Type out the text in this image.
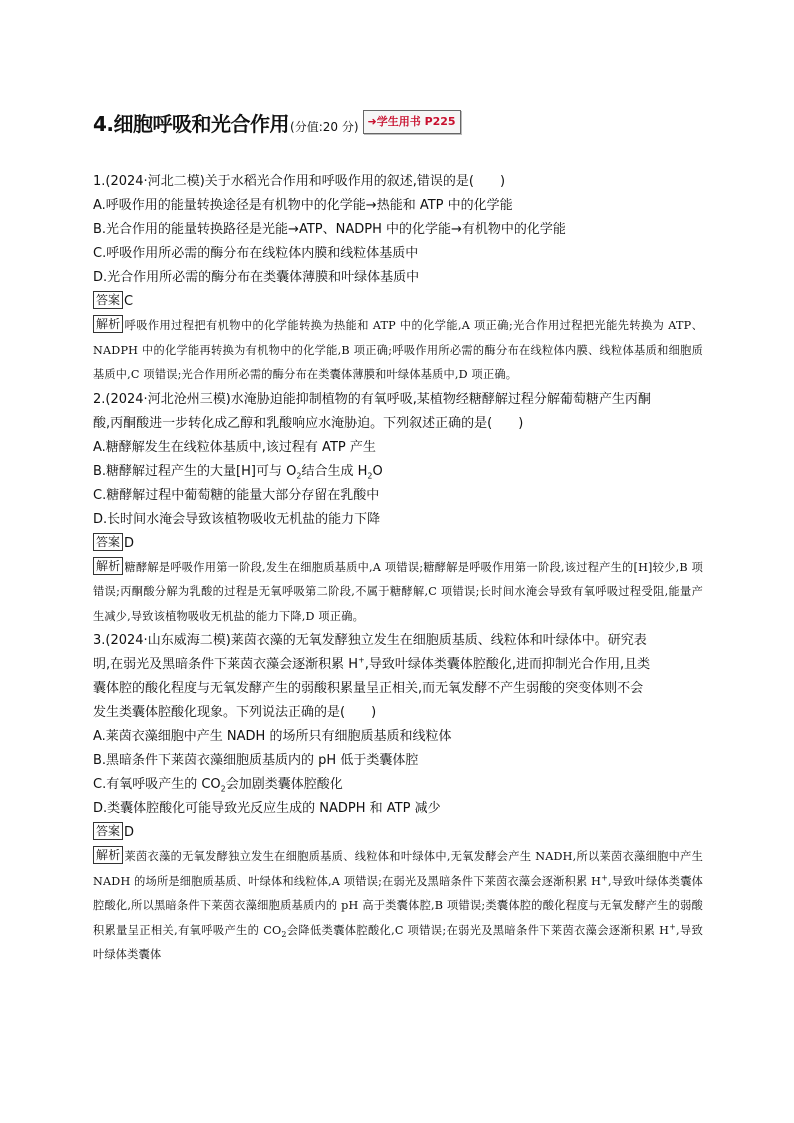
4.细胞呼吸和光合作用 (分值:20 分) ➜学生用书 P225
1.(2024·河北二模)关于水稻光合作用和呼吸作用的叙述,错误的是(　　)
A.呼吸作用的能量转换途径是有机物中的化学能→热能和 ATP 中的化学能
B.光合作用的能量转换路径是光能→ATP、NADPH 中的化学能→有机物中的化学能
C.呼吸作用所必需的酶分布在线粒体内膜和线粒体基质中
D.光合作用所必需的酶分布在类囊体薄膜和叶绿体基质中
答案 C
解析 呼吸作用过程把有机物中的化学能转换为热能和 ATP 中的化学能,A 项正确;光合作用过程把光能先转换为 ATP、NADPH 中的化学能再转换为有机物中的化学能,B 项正确;呼吸作用所必需的酶分布在线粒体内膜、线粒体基质和细胞质基质中,C 项错误;光合作用所必需的酶分布在类囊体薄膜和叶绿体基质中,D 项正确。
2.(2024·河北沧州三模)水淹胁迫能抑制植物的有氧呼吸,某植物经糖酵解过程分解葡萄糖产生丙酮
酸,丙酮酸进一步转化成乙醇和乳酸响应水淹胁迫。下列叙述正确的是(　　)
A.糖酵解发生在线粒体基质中,该过程有 ATP 产生
B.糖酵解过程产生的大量[H]可与 $O_2$结合生成 $H_2O$
C.糖酵解过程中葡萄糖的能量大部分存留在乳酸中
D.长时间水淹会导致该植物吸收无机盐的能力下降
答案 D
解析 糖酵解是呼吸作用第一阶段,发生在细胞质基质中,A 项错误;糖酵解是呼吸作用第一阶段,该过程产生的[H]较少,B 项错误;丙酮酸分解为乳酸的过程是无氧呼吸第二阶段,不属于糖酵解,C 项错误;长时间水淹会导致有氧呼吸过程受阻,能量产生减少,导致该植物吸收无机盐的能力下降,D 项正确。
3.(2024·山东威海二模)莱茵衣藻的无氧发酵独立发生在细胞质基质、线粒体和叶绿体中。研究表
明,在弱光及黑暗条件下莱茵衣藻会逐渐积累 H+,导致叶绿体类囊体腔酸化,进而抑制光合作用,且类
囊体腔的酸化程度与无氧发酵产生的弱酸积累量呈正相关,而无氧发酵不产生弱酸的突变体则不会
发生类囊体腔酸化现象。下列说法正确的是(　　)
A.莱茵衣藻细胞中产生 NADH 的场所只有细胞质基质和线粒体
B.黑暗条件下莱茵衣藻细胞质基质内的 pH 低于类囊体腔
C.有氧呼吸产生的 $CO_2$会加剧类囊体腔酸化
D.类囊体腔酸化可能导致光反应生成的 NADPH 和 ATP 减少
答案 D
解析 莱茵衣藻的无氧发酵独立发生在细胞质基质、线粒体和叶绿体中,无氧发酵会产生 NADH,所以莱茵衣藻细胞中产生 NADH 的场所是细胞质基质、叶绿体和线粒体,A 项错误;在弱光及黑暗条件下莱茵衣藻会逐渐积累 H+,导致叶绿体类囊体腔酸化,所以黑暗条件下莱茵衣藻细胞质基质内的 pH 高于类囊体腔,B 项错误;类囊体腔的酸化程度与无氧发酵产生的弱酸积累量呈正相关,有氧呼吸产生的 $CO_2$会降低类囊体腔酸化,C 项错误;在弱光及黑暗条件下莱茵衣藻会逐渐积累 H+,导致叶绿体类囊体
